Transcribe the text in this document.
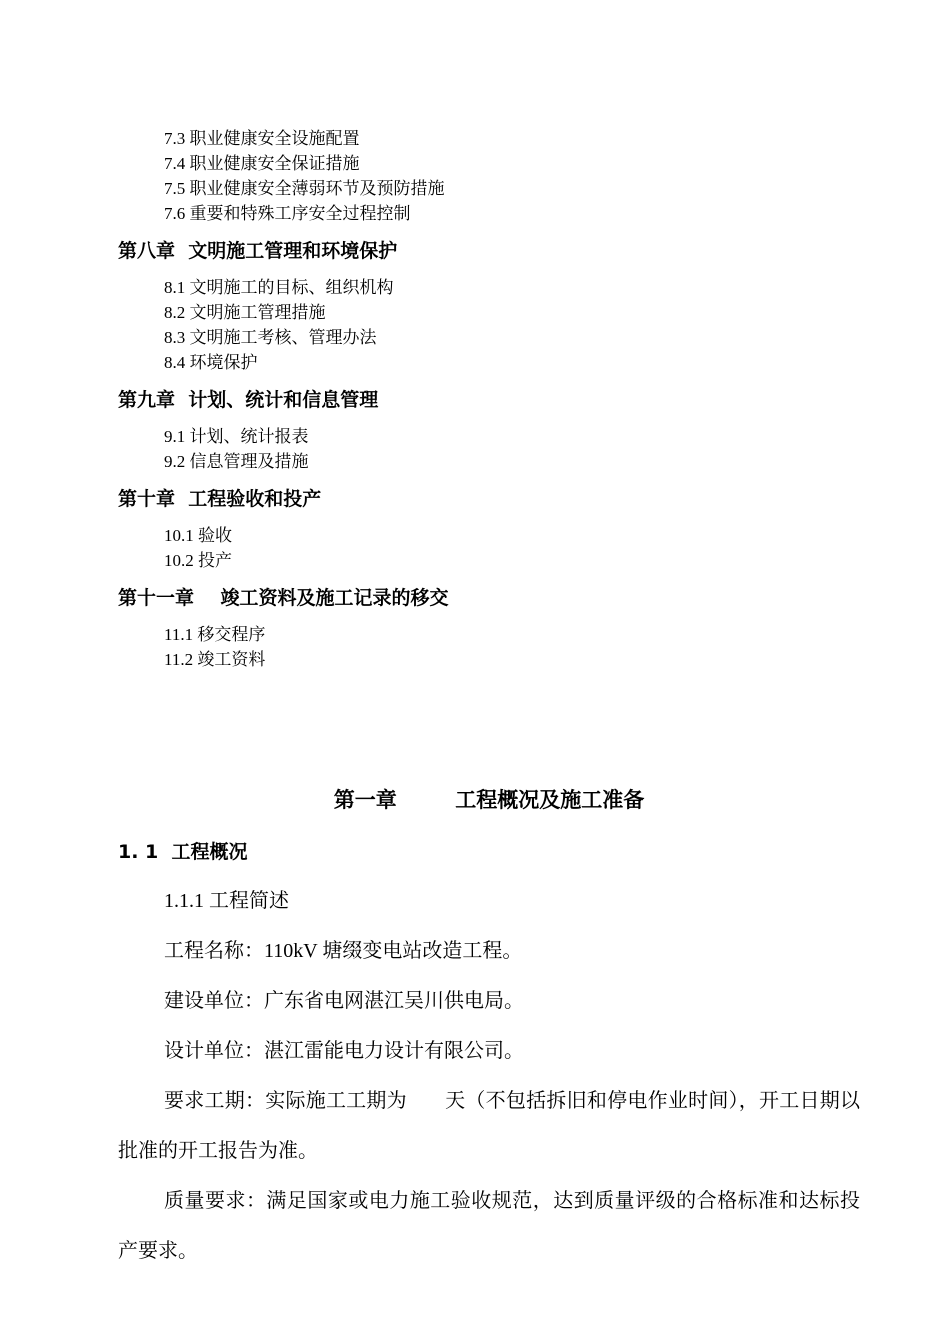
7.3 职业健康安全设施配置
7.4 职业健康安全保证措施
7.5 职业健康安全薄弱环节及预防措施
7.6 重要和特殊工序安全过程控制
第八章  文明施工管理和环境保护
8.1 文明施工的目标、组织机构
8.2 文明施工管理措施
8.3 文明施工考核、管理办法
8.4 环境保护
第九章  计划、统计和信息管理
9.1 计划、统计报表
9.2 信息管理及措施
第十章  工程验收和投产
10.1 验收
10.2 投产
第十一章    竣工资料及施工记录的移交
11.1 移交程序
11.2 竣工资料
第一章        工程概况及施工准备
1. 1  工程概况
1.1.1 工程简述
工程名称：110kV 塘缀变电站改造工程。
建设单位：广东省电网湛江吴川供电局。
设计单位：湛江雷能电力设计有限公司。
要求工期：实际施工工期为 天（不包括拆旧和停电作业时间），开工日期以批准的开工报告为准。
质量要求：满足国家或电力施工验收规范，达到质量评级的合格标准和达标投产要求。
